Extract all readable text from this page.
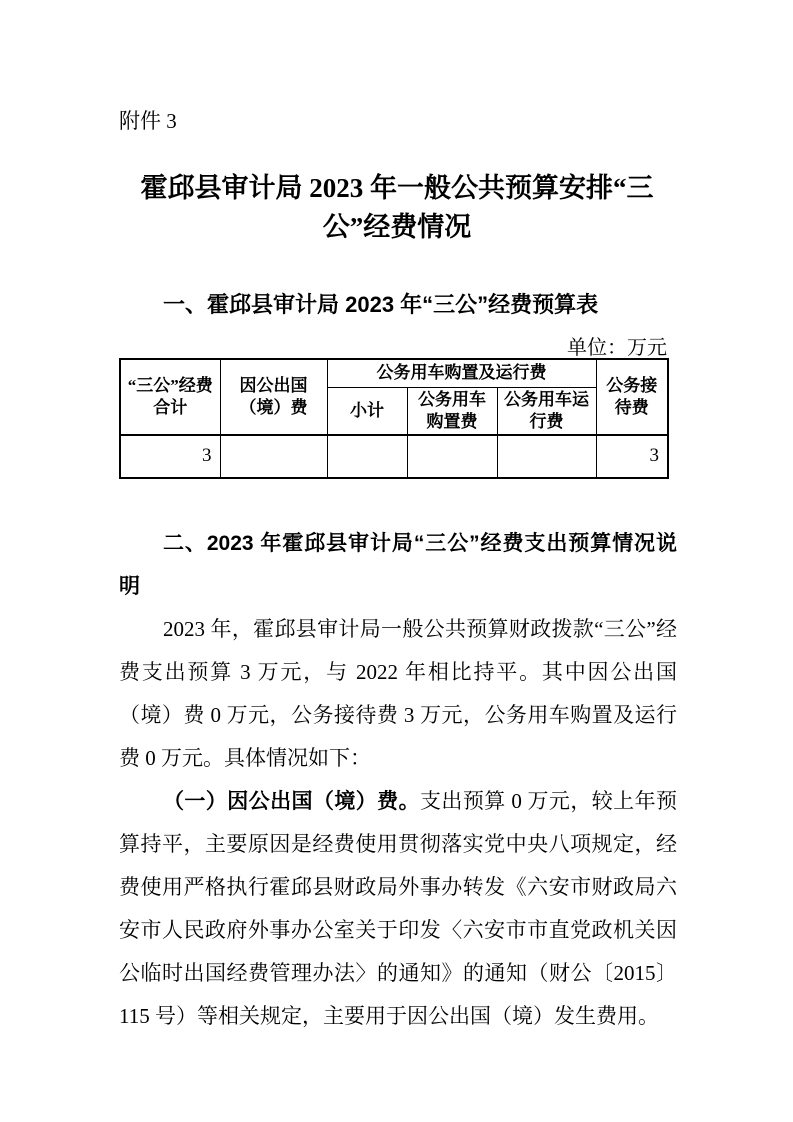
附件 3
霍邱县审计局 2023 年一般公共预算安排“三公”经费情况
一、霍邱县审计局 2023 年“三公”经费预算表
单位：万元
“三公”经费合计	因公出国（境）费	公务用车购置及运行费			公务接待费
		小计	公务用车购置费	公务用车运行费	
3					3

二、2023 年霍邱县审计局“三公”经费支出预算情况说明

2023 年，霍邱县审计局一般公共预算财政拨款“三公”经费支出预算 3 万元，与 2022 年相比持平。其中因公出国（境）费 0 万元，公务接待费 3 万元，公务用车购置及运行费 0 万元。具体情况如下：

（一）因公出国（境）费。支出预算 0 万元，较上年预算持平，主要原因是经费使用贯彻落实党中央八项规定，经费使用严格执行霍邱县财政局外事办转发《六安市财政局六安市人民政府外事办公室关于印发〈六安市市直党政机关因公临时出国经费管理办法〉的通知》的通知（财公〔2015〕115 号）等相关规定，主要用于因公出国（境）发生费用。
